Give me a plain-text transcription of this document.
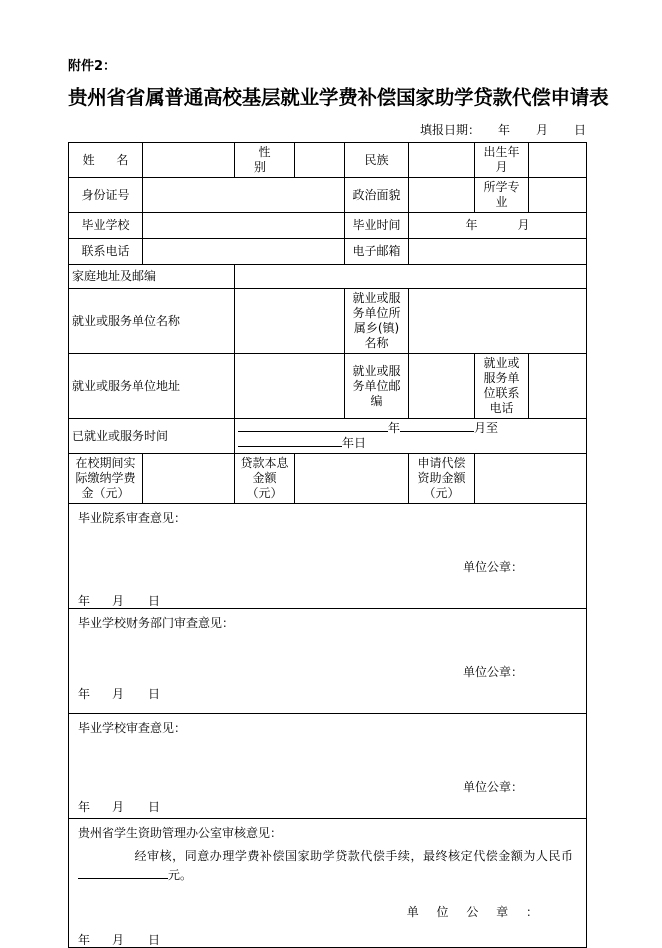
附件2：
贵州省省属普通高校基层就业学费补偿国家助学贷款代偿申请表
填报日期： 年 月 日
姓 名		性 别		民族		出生年月	
身份证号				政治面貌		所学专业	
毕业学校				毕业时间	年 月		
联系电话				电子邮箱			
家庭地址及邮编							
就业或服务单位名称				就业或服务单位所属乡(镇)名称			
就业或服务单位地址				就业或服务单位邮编		就业或服务单位联系电话	
已就业或服务时间		年 月至年日					
在校期间实际缴纳学费金（元）		贷款本息金额（元）			申请代偿资助金额（元）		

毕业院系审查意见：
单位公章：
年 月 日							

毕业学校财务部门审查意见：
单位公章：
年 月 日							

毕业学校审查意见：
单位公章：
年 月 日							

贵州省学生资助管理办公室审核意见：
经审核，同意办理学费补偿国家助学贷款代偿手续，最终核定代偿金额为人民币元。
单 位 公 章 ：
年 月 日							
